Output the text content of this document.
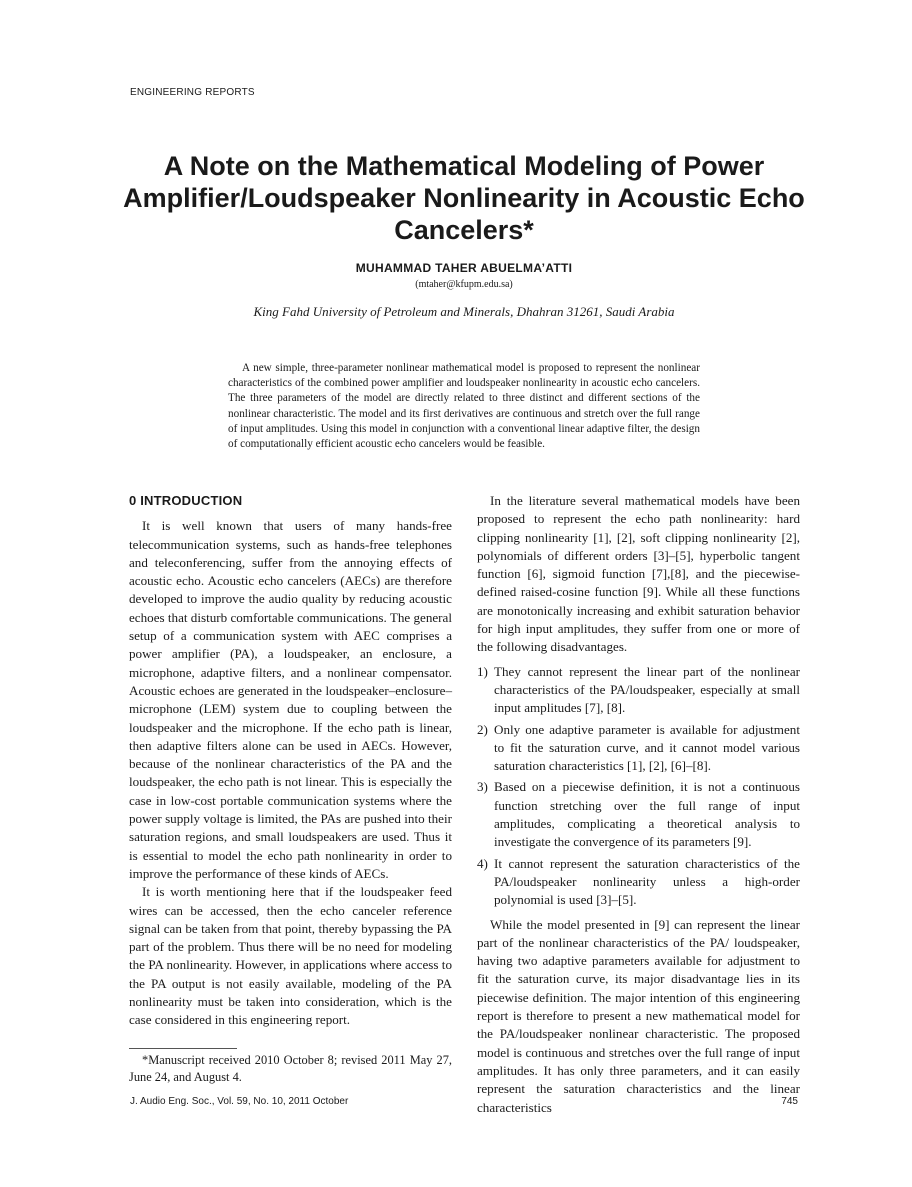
ENGINEERING REPORTS
A Note on the Mathematical Modeling of Power Amplifier/Loudspeaker Nonlinearity in Acoustic Echo Cancelers*
MUHAMMAD TAHER ABUELMA’ATTI
(mtaher@kfupm.edu.sa)
King Fahd University of Petroleum and Minerals, Dhahran 31261, Saudi Arabia

A new simple, three-parameter nonlinear mathematical model is proposed to represent the nonlinear characteristics of the combined power amplifier and loudspeaker nonlinearity in acoustic echo cancelers. The three parameters of the model are directly related to three distinct and different sections of the nonlinear characteristic. The model and its first derivatives are continuous and stretch over the full range of input amplitudes. Using this model in conjunction with a conventional linear adaptive filter, the design of computationally efficient acoustic echo cancelers would be feasible.

0 INTRODUCTION

It is well known that users of many hands-free telecommunication systems, such as hands-free telephones and teleconferencing, suffer from the annoying effects of acoustic echo. Acoustic echo cancelers (AECs) are therefore developed to improve the audio quality by reducing acoustic echoes that disturb comfortable communications. The general setup of a communication system with AEC comprises a power amplifier (PA), a loudspeaker, an enclosure, a microphone, adaptive filters, and a nonlinear compensator. Acoustic echoes are generated in the loudspeaker–enclosure–microphone (LEM) system due to coupling between the loudspeaker and the microphone. If the echo path is linear, then adaptive filters alone can be used in AECs. However, because of the nonlinear characteristics of the PA and the loudspeaker, the echo path is not linear. This is especially the case in low-cost portable communication systems where the power supply voltage is limited, the PAs are pushed into their saturation regions, and small loudspeakers are used. Thus it is essential to model the echo path nonlinearity in order to improve the performance of these kinds of AECs.

It is worth mentioning here that if the loudspeaker feed wires can be accessed, then the echo canceler reference signal can be taken from that point, thereby bypassing the PA part of the problem. Thus there will be no need for modeling the PA nonlinearity. However, in applications where access to the PA output is not easily available, modeling of the PA nonlinearity must be taken into consideration, which is the case considered in this engineering report.

In the literature several mathematical models have been proposed to represent the echo path nonlinearity: hard clipping nonlinearity [1], [2], soft clipping nonlinearity [2], polynomials of different orders [3]–[5], hyperbolic tangent function [6], sigmoid function [7],[8], and the piecewise-defined raised-cosine function [9]. While all these functions are monotonically increasing and exhibit saturation behavior for high input amplitudes, they suffer from one or more of the following disadvantages.

1) They cannot represent the linear part of the nonlinear characteristics of the PA/loudspeaker, especially at small input amplitudes [7], [8].
2) Only one adaptive parameter is available for adjustment to fit the saturation curve, and it cannot model various saturation characteristics [1], [2], [6]–[8].
3) Based on a piecewise definition, it is not a continuous function stretching over the full range of input amplitudes, complicating a theoretical analysis to investigate the convergence of its parameters [9].
4) It cannot represent the saturation characteristics of the PA/loudspeaker nonlinearity unless a high-order polynomial is used [3]–[5].

While the model presented in [9] can represent the linear part of the nonlinear characteristics of the PA/ loudspeaker, having two adaptive parameters available for adjustment to fit the saturation curve, its major disadvantage lies in its piecewise definition. The major intention of this engineering report is therefore to present a new mathematical model for the PA/loudspeaker nonlinear characteristic. The proposed model is continuous and stretches over the full range of input amplitudes. It has only three parameters, and it can easily represent the saturation characteristics and the linear characteristics

*Manuscript received 2010 October 8; revised 2011 May 27, June 24, and August 4.

J. Audio Eng. Soc., Vol. 59, No. 10, 2011 October	745
